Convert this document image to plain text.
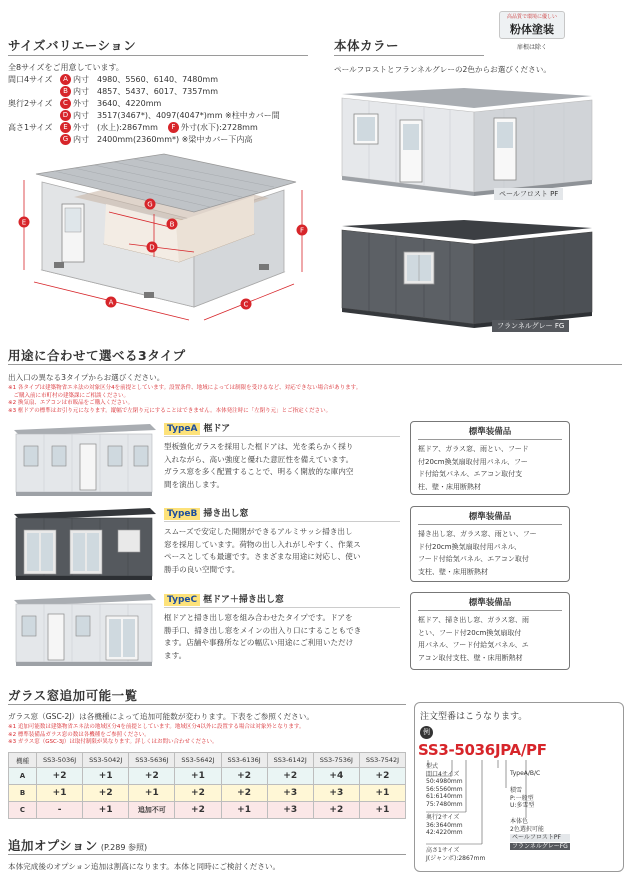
サイズバリエーション
全8サイズをご用意しています。
間口4サイズ A 内寸　 4980、5560、6140、7480mm
B 内寸　 4857、5437、6017、7357mm
奥行2サイズ C 外寸　 3640、4220mm
D 内寸　 3517(3467*)、4097(4047*)mm ※柱中カバー間
高さ1サイズ E 外寸　 (水上):2867mm　 F 外寸(水下):2728mm
G 内寸　 2400mm(2360mm*) ※梁中カバー下内高
A
B
C
D
E
F
G
本体カラー
高品質で環境に優しい
粉体塗装
扉根は除く
ペールフロストとフランネルグレーの2色からお選びください。
ペールフロスト PF
フランネルグレー FG
用途に合わせて選べる3タイプ
出入口の異なる3タイプからお選びください。
※1 各タイプは建築物省エネ法の対象区分4を前提としています。設置条件、地域によっては制限を受けるなど、対応できない場合があります。
　ご購入前に市町村の建築課にご相談ください。
※2 換気扇、エアコンは市販品をご購入ください。
※3 框ドアの標準はお引り元になります。縦幅で左閉り元にすることはできません。本体発注時に「左閉り元」とご指定ください。
TypeA 框ドア
型板強化ガラスを採用した框ドアは、光を柔らかく採り
入れながら、高い強度と優れた意匠性を備えています。
ガラス窓を多く配置することで、明るく開放的な庫内空
間を演出します。
標準装備品
框ドア、ガラス窓、雨とい、フード
付20cm換気扇取付用パネル、フー
ド付給気パネル、エアコン取付支
柱、壁・床用断熱材
TypeB 掃き出し窓
スムーズで安定した開閉ができるアルミサッシ掃き出し
窓を採用しています。荷物の出し入れがしやすく、作業ス
ペースとしても最適です。さまざまな用途に対応し、使い
勝手の良い空間です。
標準装備品
掃き出し窓、ガラス窓、雨とい、フー
ド付20cm換気扇取付用パネル、
フード付給気パネル、エアコン取付
支柱、壁・床用断熱材
TypeC 框ドア＋掃き出し窓
框ドアと掃き出し窓を組み合わせたタイプです。ドアを
勝手口、掃き出し窓をメインの出入り口にすることもでき
ます。店舗や事務所などの幅広い用途にご利用いただけ
ます。
標準装備品
框ドア、掃き出し窓、ガラス窓、雨
とい、フード付20cm換気扇取付
用パネル、フード付給気パネル、エ
アコン取付支柱、壁・床用断熱材
ガラス窓追加可能一覧
ガラス窓（GSC-2J）は各機種によって追加可能数が変わります。下表をご参照ください。
※1 追加可能数は建築物省エネ法の地域区分4を前提としています。地域区分4以外に設置する場合は対象外となります。
※2 標準装備品ガラス窓の数は各機種をご参照ください。
※3 ガラス窓（GSC-3J）は取付制限が異なります。詳しくはお問い合わせください。
機種	SS3-5036J	SS3-5042J	SS3-5636J	SS3-5642J	SS3-6136J	SS3-6142J	SS3-7536J	SS3-7542J
A	+2	+1	+2	+1	+2	+2	+4	+2
B	+1	+2	+1	+2	+2	+3	+3	+1
C	-	+1	追加不可	+2	+1	+3	+2	+1
追加オプション (P.289 参照)
本体完成後のオプション追加は割高になります。本体と同時にご検討ください。
注文型番はこうなります。
例
SS3-5036JPA/PF
型式
間口4サイズ
50:4980mm
56:5560mm
61:6140mm
75:7480mm
奥行2サイズ
36:3640mm
42:4220mm
高さ1サイズ
J(ジャンボ):2867mm
TypeA/B/C
積雪
P:一般型
U:多雪型
本体色
2色選択可能
ペールフロストPF
フランネルグレーFG
